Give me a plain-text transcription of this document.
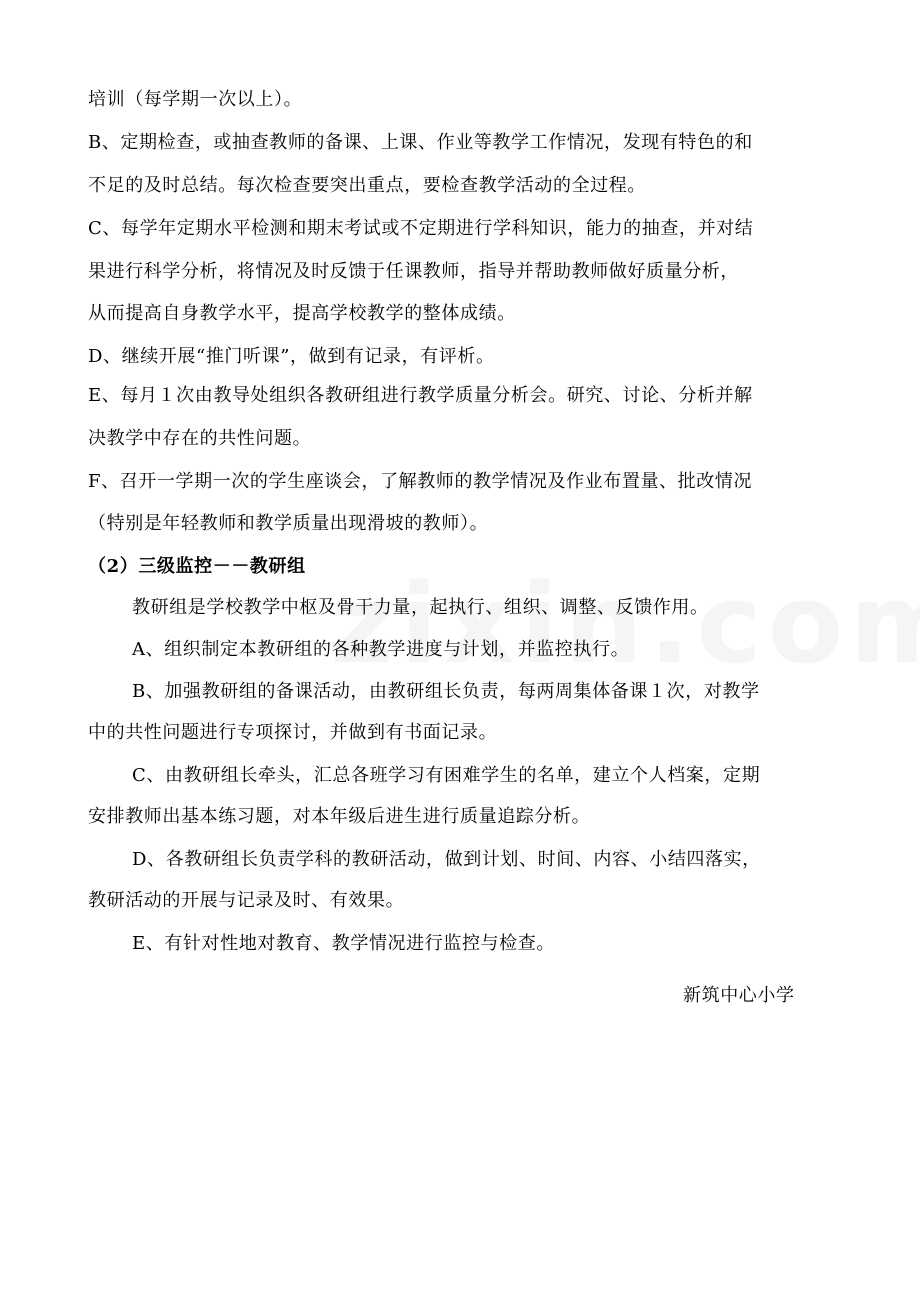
培训（每学期一次以上）。
B、定期检查，或抽查教师的备课、上课、作业等教学工作情况，发现有特色的和
不足的及时总结。每次检查要突出重点，要检查教学活动的全过程。
C、每学年定期水平检测和期末考试或不定期进行学科知识，能力的抽查，并对结
果进行科学分析，将情况及时反馈于任课教师，指导并帮助教师做好质量分析，
从而提高自身教学水平，提高学校教学的整体成绩。
D、继续开展“推门听课”，做到有记录，有评析。
E、每月１次由教导处组织各教研组进行教学质量分析会。研究、讨论、分析并解
决教学中存在的共性问题。
F、召开一学期一次的学生座谈会，了解教师的教学情况及作业布置量、批改情况
（特别是年轻教师和教学质量出现滑坡的教师）。
（2）三级监控－－教研组
教研组是学校教学中枢及骨干力量，起执行、组织、调整、反馈作用。
A、组织制定本教研组的各种教学进度与计划，并监控执行。
B、加强教研组的备课活动，由教研组长负责，每两周集体备课１次，对教学
中的共性问题进行专项探讨，并做到有书面记录。
C、由教研组长牵头，汇总各班学习有困难学生的名单，建立个人档案，定期
安排教师出基本练习题，对本年级后进生进行质量追踪分析。
D、各教研组长负责学科的教研活动，做到计划、时间、内容、小结四落实，
教研活动的开展与记录及时、有效果。
E、有针对性地对教育、教学情况进行监控与检查。
新筑中心小学
